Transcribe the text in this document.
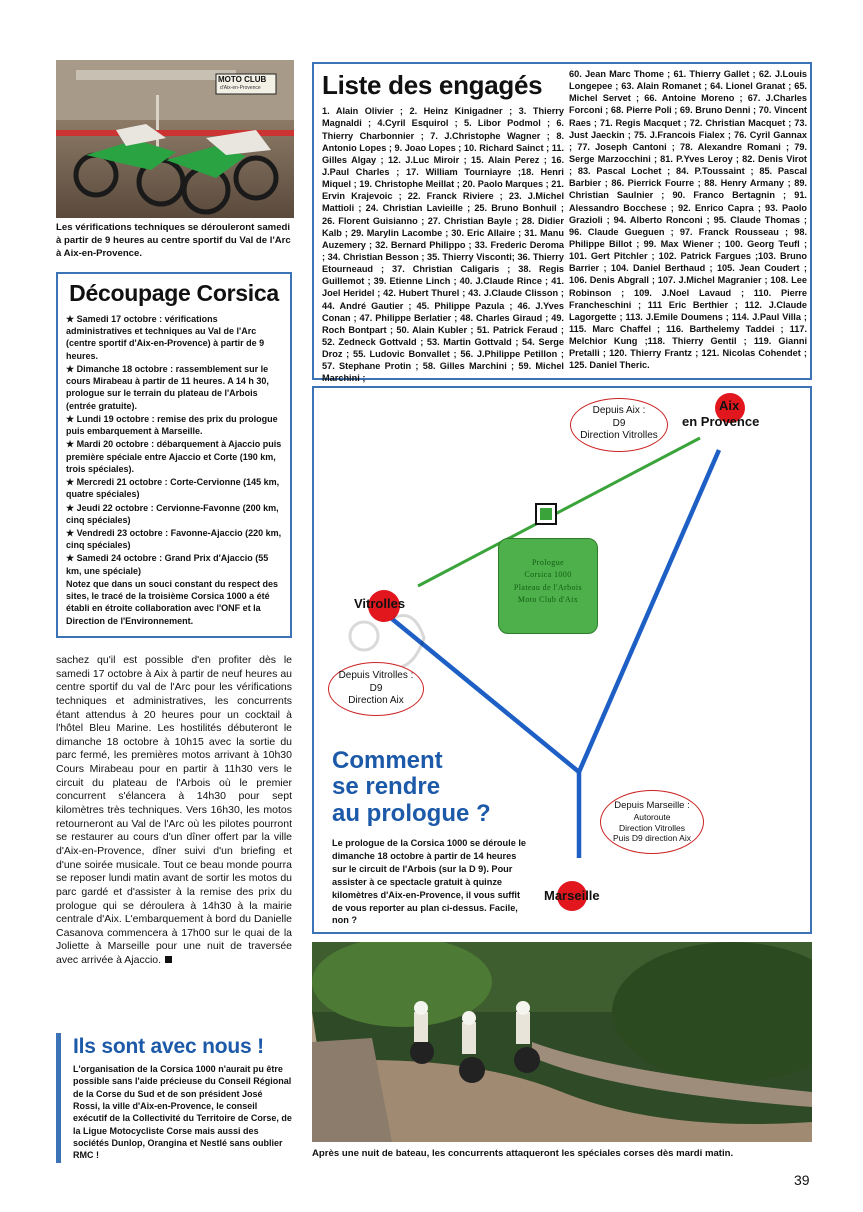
MOTO CLUB
d'Aix-en-Provence
Les vérifications techniques se dérouleront samedi à partir de 9 heures au centre sportif du Val de l'Arc à Aix-en-Provence.
Découpage Corsica

★ Samedi 17 octobre : vérifications administratives et techniques au Val de l'Arc (centre sportif d'Aix-en-Provence) à partir de 9 heures.

★ Dimanche 18 octobre : rassemblement sur le cours Mirabeau à partir de 11 heures. A 14 h 30, prologue sur le terrain du plateau de l'Arbois (entrée gratuite).

★ Lundi 19 octobre : remise des prix du prologue puis embarquement à Marseille.

★ Mardi 20 octobre : débarquement à Ajaccio puis première spéciale entre Ajaccio et Corte (190 km, trois spéciales).

★ Mercredi 21 octobre : Corte-Cervionne (145 km, quatre spéciales)

★ Jeudi 22 octobre : Cervionne-Favonne (200 km, cinq spéciales)

★ Vendredi 23 octobre : Favonne-Ajaccio (220 km, cinq spéciales)

★ Samedi 24 octobre : Grand Prix d'Ajaccio (55 km, une spéciale)

Notez que dans un souci constant du respect des sites, le tracé de la troisième Corsica 1000 a été établi en étroite collaboration avec l'ONF et la Direction de l'Environnement.

sachez qu'il est possible d'en profiter dès le samedi 17 octobre à Aix à partir de neuf heures au centre sportif du val de l'Arc pour les vérifications techniques et administratives, les concurrents étant attendus à 20 heures pour un cocktail à l'hôtel Bleu Marine. Les hostilités débuteront le dimanche 18 octobre à 10h15 avec la sortie du parc fermé, les premières motos arrivant à 10h30 Cours Mirabeau pour en partir à 11h30 vers le circuit du plateau de l'Arbois où le premier concurrent s'élancera à 14h30 pour sept kilomètres très techniques. Vers 16h30, les motos retourneront au Val de l'Arc où les pilotes pourront se restaurer au cours d'un dîner offert par la ville d'Aix-en-Provence, dîner suivi d'un briefing et d'une soirée musicale. Tout ce beau monde pourra se reposer lundi matin avant de sortir les motos du parc gardé et d'assister à la remise des prix du prologue qui se déroulera à 14h30 à la mairie centrale d'Aix. L'embarquement à bord du Danielle Casanova commencera à 17h00 sur le quai de la Joliette à Marseille pour une nuit de traversée avec arrivée à Ajaccio.
Ils sont avec nous !

L'organisation de la Corsica 1000 n'aurait pu être possible sans l'aide précieuse du Conseil Régional de la Corse du Sud et de son président José Rossi, la ville d'Aix-en-Provence, le conseil exécutif de la Collectivité du Territoire de Corse, de la Ligue Motocycliste Corse mais aussi des sociétés Dunlop, Orangina et Nestlé sans oublier RMC !

Liste des engagés
1. Alain Olivier ; 2. Heinz Kinigadner ; 3. Thierry Magnaldi ; 4.Cyril Esquirol ; 5. Libor Podmol ; 6. Thierry Charbonnier ; 7. J.Christophe Wagner ; 8. Antonio Lopes ; 9. Joao Lopes ; 10. Richard Sainct ; 11. Gilles Algay ; 12. J.Luc Miroir ; 15. Alain Perez ; 16. J.Paul Charles ; 17. William Tourniayre ;18. Henri Miquel ; 19. Christophe Meillat ; 20. Paolo Marques ; 21. Ervin Krajevoic ; 22. Franck Riviere ; 23. J.Michel Mattioli ; 24. Christian Lavieille ; 25. Bruno Bonhuil ; 26. Florent Guisianno ; 27. Christian Bayle ; 28. Didier Kalb ; 29. Marylin Lacombe ; 30. Eric Allaire ; 31. Manu Auzemery ; 32. Bernard Philippo ; 33. Frederic Deroma ; 34. Christian Besson ; 35. Thierry Visconti; 36. Thierry Etourneaud ; 37. Christian Caligaris ; 38. Regis Guillemot ; 39. Etienne Linch ; 40. J.Claude Rince ; 41. Joel Heridel ; 42. Hubert Thurel ; 43. J.Claude Clisson ; 44. André Gautier ; 45. Philippe Pazula ; 46. J.Yves Conan ; 47. Philippe Berlatier ; 48. Charles Giraud ; 49. Roch Bontpart ; 50. Alain Kubler ; 51. Patrick Feraud ; 52. Zedneck Gottvald ; 53. Martin Gottvald ; 54. Serge Droz ; 55. Ludovic Bonvallet ; 56. J.Philippe Petillon ; 57. Stephane Protin ; 58. Gilles Marchini ; 59. Michel Marchini ;
60. Jean Marc Thome ; 61. Thierry Gallet ; 62. J.Louis Longepee ; 63. Alain Romanet ; 64. Lionel Granat ; 65. Michel Servet ; 66. Antoine Moreno ; 67. J.Charles Forconi ; 68. Pierre Poli ; 69. Bruno Denni ; 70. Vincent Raes ; 71. Regis Macquet ; 72. Christian Macquet ; 73. Just Jaeckin ; 75. J.Francois Fialex ; 76. Cyril Gannax ; 77. Joseph Cantoni ; 78. Alexandre Romani ; 79. Serge Marzocchini ; 81. P.Yves Leroy ; 82. Denis Virot ; 83. Pascal Lochet ; 84. P.Toussaint ; 85. Pascal Barbier ; 86. Pierrick Fourre ; 88. Henry Armany ; 89. Christian Saulnier ; 90. Franco Bertagnin ; 91. Alessandro Bocchese ; 92. Enrico Capra ; 93. Paolo Grazioli ; 94. Alberto Ronconi ; 95. Claude Thomas ; 96. Claude Gueguen ; 97. Franck Rousseau ; 98. Philippe Billot ; 99. Max Wiener ; 100. Georg Teufl ; 101. Gert Pitchler ; 102. Patrick Fargues ;103. Bruno Barrier ; 104. Daniel Berthaud ; 105. Jean Coudert ; 106. Denis Abgrall ; 107. J.Michel Magranier ; 108. Lee Robinson ; 109. J.Noel Lavaud ; 110. Pierre Francheschini ; 111 Eric Berthier ; 112. J.Claude Lagorgette ; 113. J.Emile Doumens ; 114. J.Paul Villa ; 115. Marc Chaffel ; 116. Barthelemy Taddei ; 117. Melchior Kung ;118. Thierry Gentil ; 119. Gianni Pretalli ; 120. Thierry Frantz ; 121. Nicolas Cohendet ; 125. Daniel Theric.
Depuis Aix :
D9
Direction Vitrolles
Aix
en Provence
Prologue
Corsica 1000
Plateau de l'Arbois
Moto Club d'Aix
Vitrolles
Depuis Vitrolles :
D9
Direction Aix
Comment
se rendre
au prologue ?

Le prologue de la Corsica 1000 se déroule le dimanche 18 octobre à partir de 14 heures sur le circuit de l'Arbois (sur la D 9). Pour assister à ce spectacle gratuit à quinze kilomètres d'Aix-en-Provence, il vous suffit de vous reporter au plan ci-dessus. Facile, non ?

Depuis Marseille :
Autoroute
Direction Vitrolles
Puis D9 direction Aix
Marseille
Après une nuit de bateau, les concurrents attaqueront les spéciales corses dès mardi matin.
39
